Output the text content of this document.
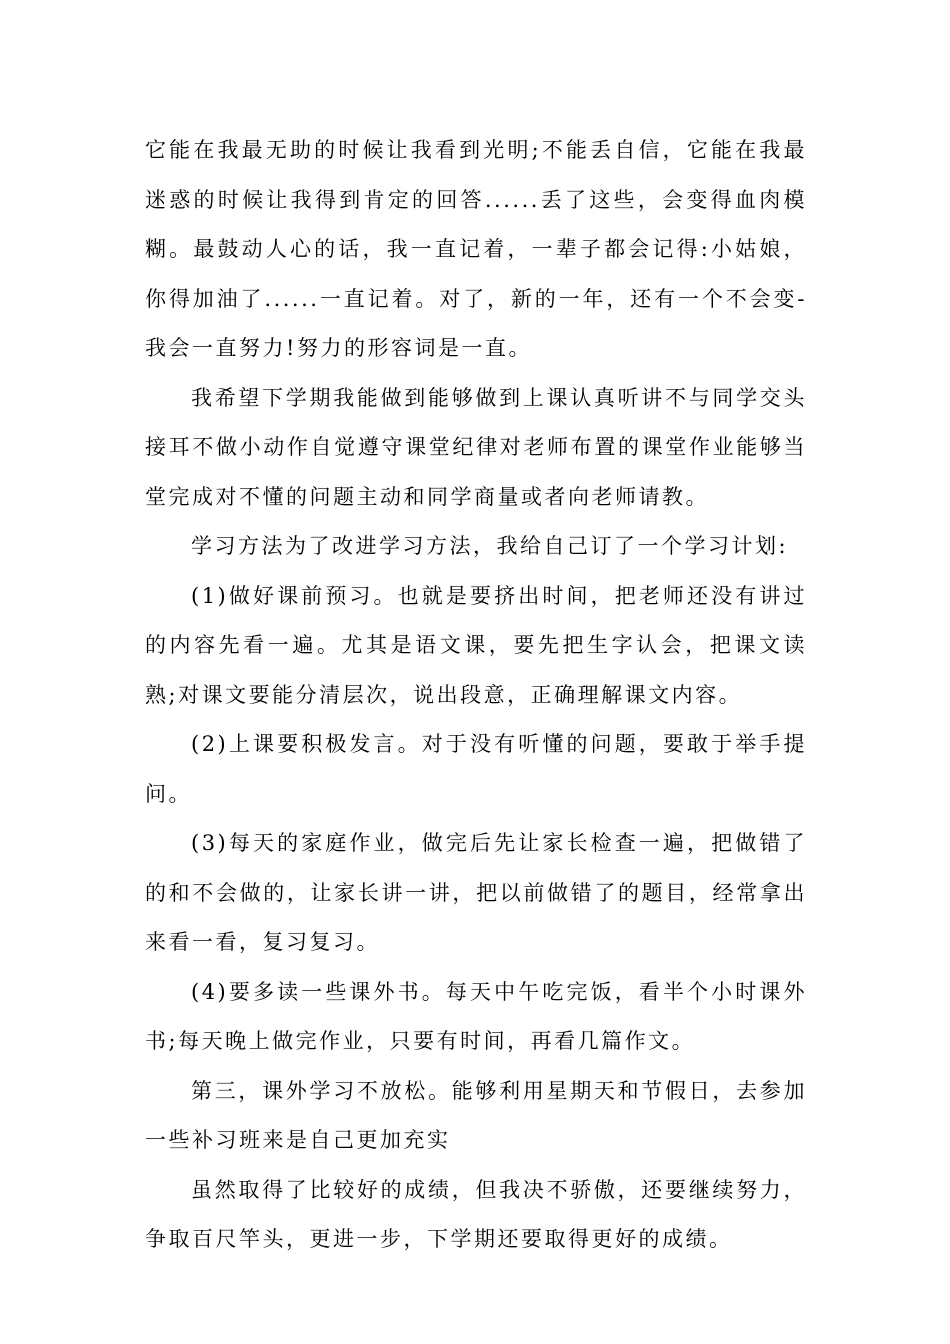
它能在我最无助的时候让我看到光明;不能丢自信，它能在我最迷惑的时候让我得到肯定的回答......丢了这些，会变得血肉模糊。最鼓动人心的话，我一直记着，一辈子都会记得:小姑娘，你得加油了......一直记着。对了，新的一年，还有一个不会变-我会一直努力!努力的形容词是一直。

我希望下学期我能做到能够做到上课认真听讲不与同学交头接耳不做小动作自觉遵守课堂纪律对老师布置的课堂作业能够当堂完成对不懂的问题主动和同学商量或者向老师请教。

学习方法为了改进学习方法，我给自己订了一个学习计划:

(1)做好课前预习。也就是要挤出时间，把老师还没有讲过的内容先看一遍。尤其是语文课，要先把生字认会，把课文读熟;对课文要能分清层次，说出段意，正确理解课文内容。

(2)上课要积极发言。对于没有听懂的问题，要敢于举手提问。

(3)每天的家庭作业，做完后先让家长检查一遍，把做错了的和不会做的，让家长讲一讲，把以前做错了的题目，经常拿出来看一看，复习复习。

(4)要多读一些课外书。每天中午吃完饭，看半个小时课外书;每天晚上做完作业，只要有时间，再看几篇作文。

第三，课外学习不放松。能够利用星期天和节假日，去参加一些补习班来是自己更加充实

虽然取得了比较好的成绩，但我决不骄傲，还要继续努力，争取百尺竿头，更进一步，下学期还要取得更好的成绩。
